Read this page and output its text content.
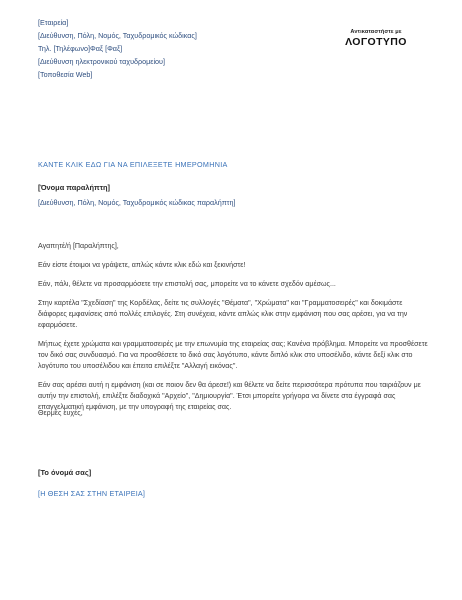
[Εταιρεία]
[Διεύθυνση, Πόλη, Νομός, Ταχυδρομικός κώδικας]
Τηλ. [Τηλέφωνο]Φαξ [Φαξ]
[Διεύθυνση ηλεκτρονικού ταχυδρομείου]
[Τοποθεσία Web]
Αντικαταστήστε με
ΛΟΓΟΤΥΠΟ
ΚΑΝΤΕ ΚΛΙΚ ΕΔΩ ΓΙΑ ΝΑ ΕΠΙΛΕΞΕΤΕ ΗΜΕΡΟΜΗΝΙΑ
[Όνομα παραλήπτη]
[Διεύθυνση, Πόλη, Νομός, Ταχυδρομικός κώδικας παραλήπτη]

Αγαπητέ/ή [Παραλήπτης],

Εάν είστε έτοιμοι να γράψετε, απλώς κάντε κλικ εδώ και ξεκινήστε!

Εάν, πάλι, θέλετε να προσαρμόσετε την επιστολή σας, μπορείτε να το κάνετε σχεδόν αμέσως...

Στην καρτέλα "Σχεδίαση" της Κορδέλας, δείτε τις συλλογές "Θέματα", "Χρώματα" και "Γραμματοσειρές" και δοκιμάστε διάφορες εμφανίσεις από πολλές επιλογές. Στη συνέχεια, κάντε απλώς κλικ στην εμφάνιση που σας αρέσει, για να την εφαρμόσετε.

Μήπως έχετε χρώματα και γραμματοσειρές με την επωνυμία της εταιρείας σας; Κανένα πρόβλημα. Μπορείτε να προσθέσετε τον δικό σας συνδυασμό. Για να προσθέσετε το δικό σας λογότυπο, κάντε διπλό κλικ στο υποσέλιδο, κάντε δεξί κλικ στο λογότυπο του υποσέλιδου και έπειτα επιλέξτε "Αλλαγή εικόνας".

Εάν σας αρέσει αυτή η εμφάνιση (και σε ποιον δεν θα άρεσε!) και θέλετε να δείτε περισσότερα πρότυπα που ταιριάζουν με αυτήν την επιστολή, επιλέξτε διαδοχικά "Αρχείο", "Δημιουργία". Έτσι μπορείτε γρήγορα να δίνετε στα έγγραφά σας επαγγελματική εμφάνιση, με την υπογραφή της εταιρείας σας.

Θερμές ευχές,
[Το όνομά σας]
[Η ΘΕΣΗ ΣΑΣ ΣΤΗΝ ΕΤΑΙΡΕΙΑ]
